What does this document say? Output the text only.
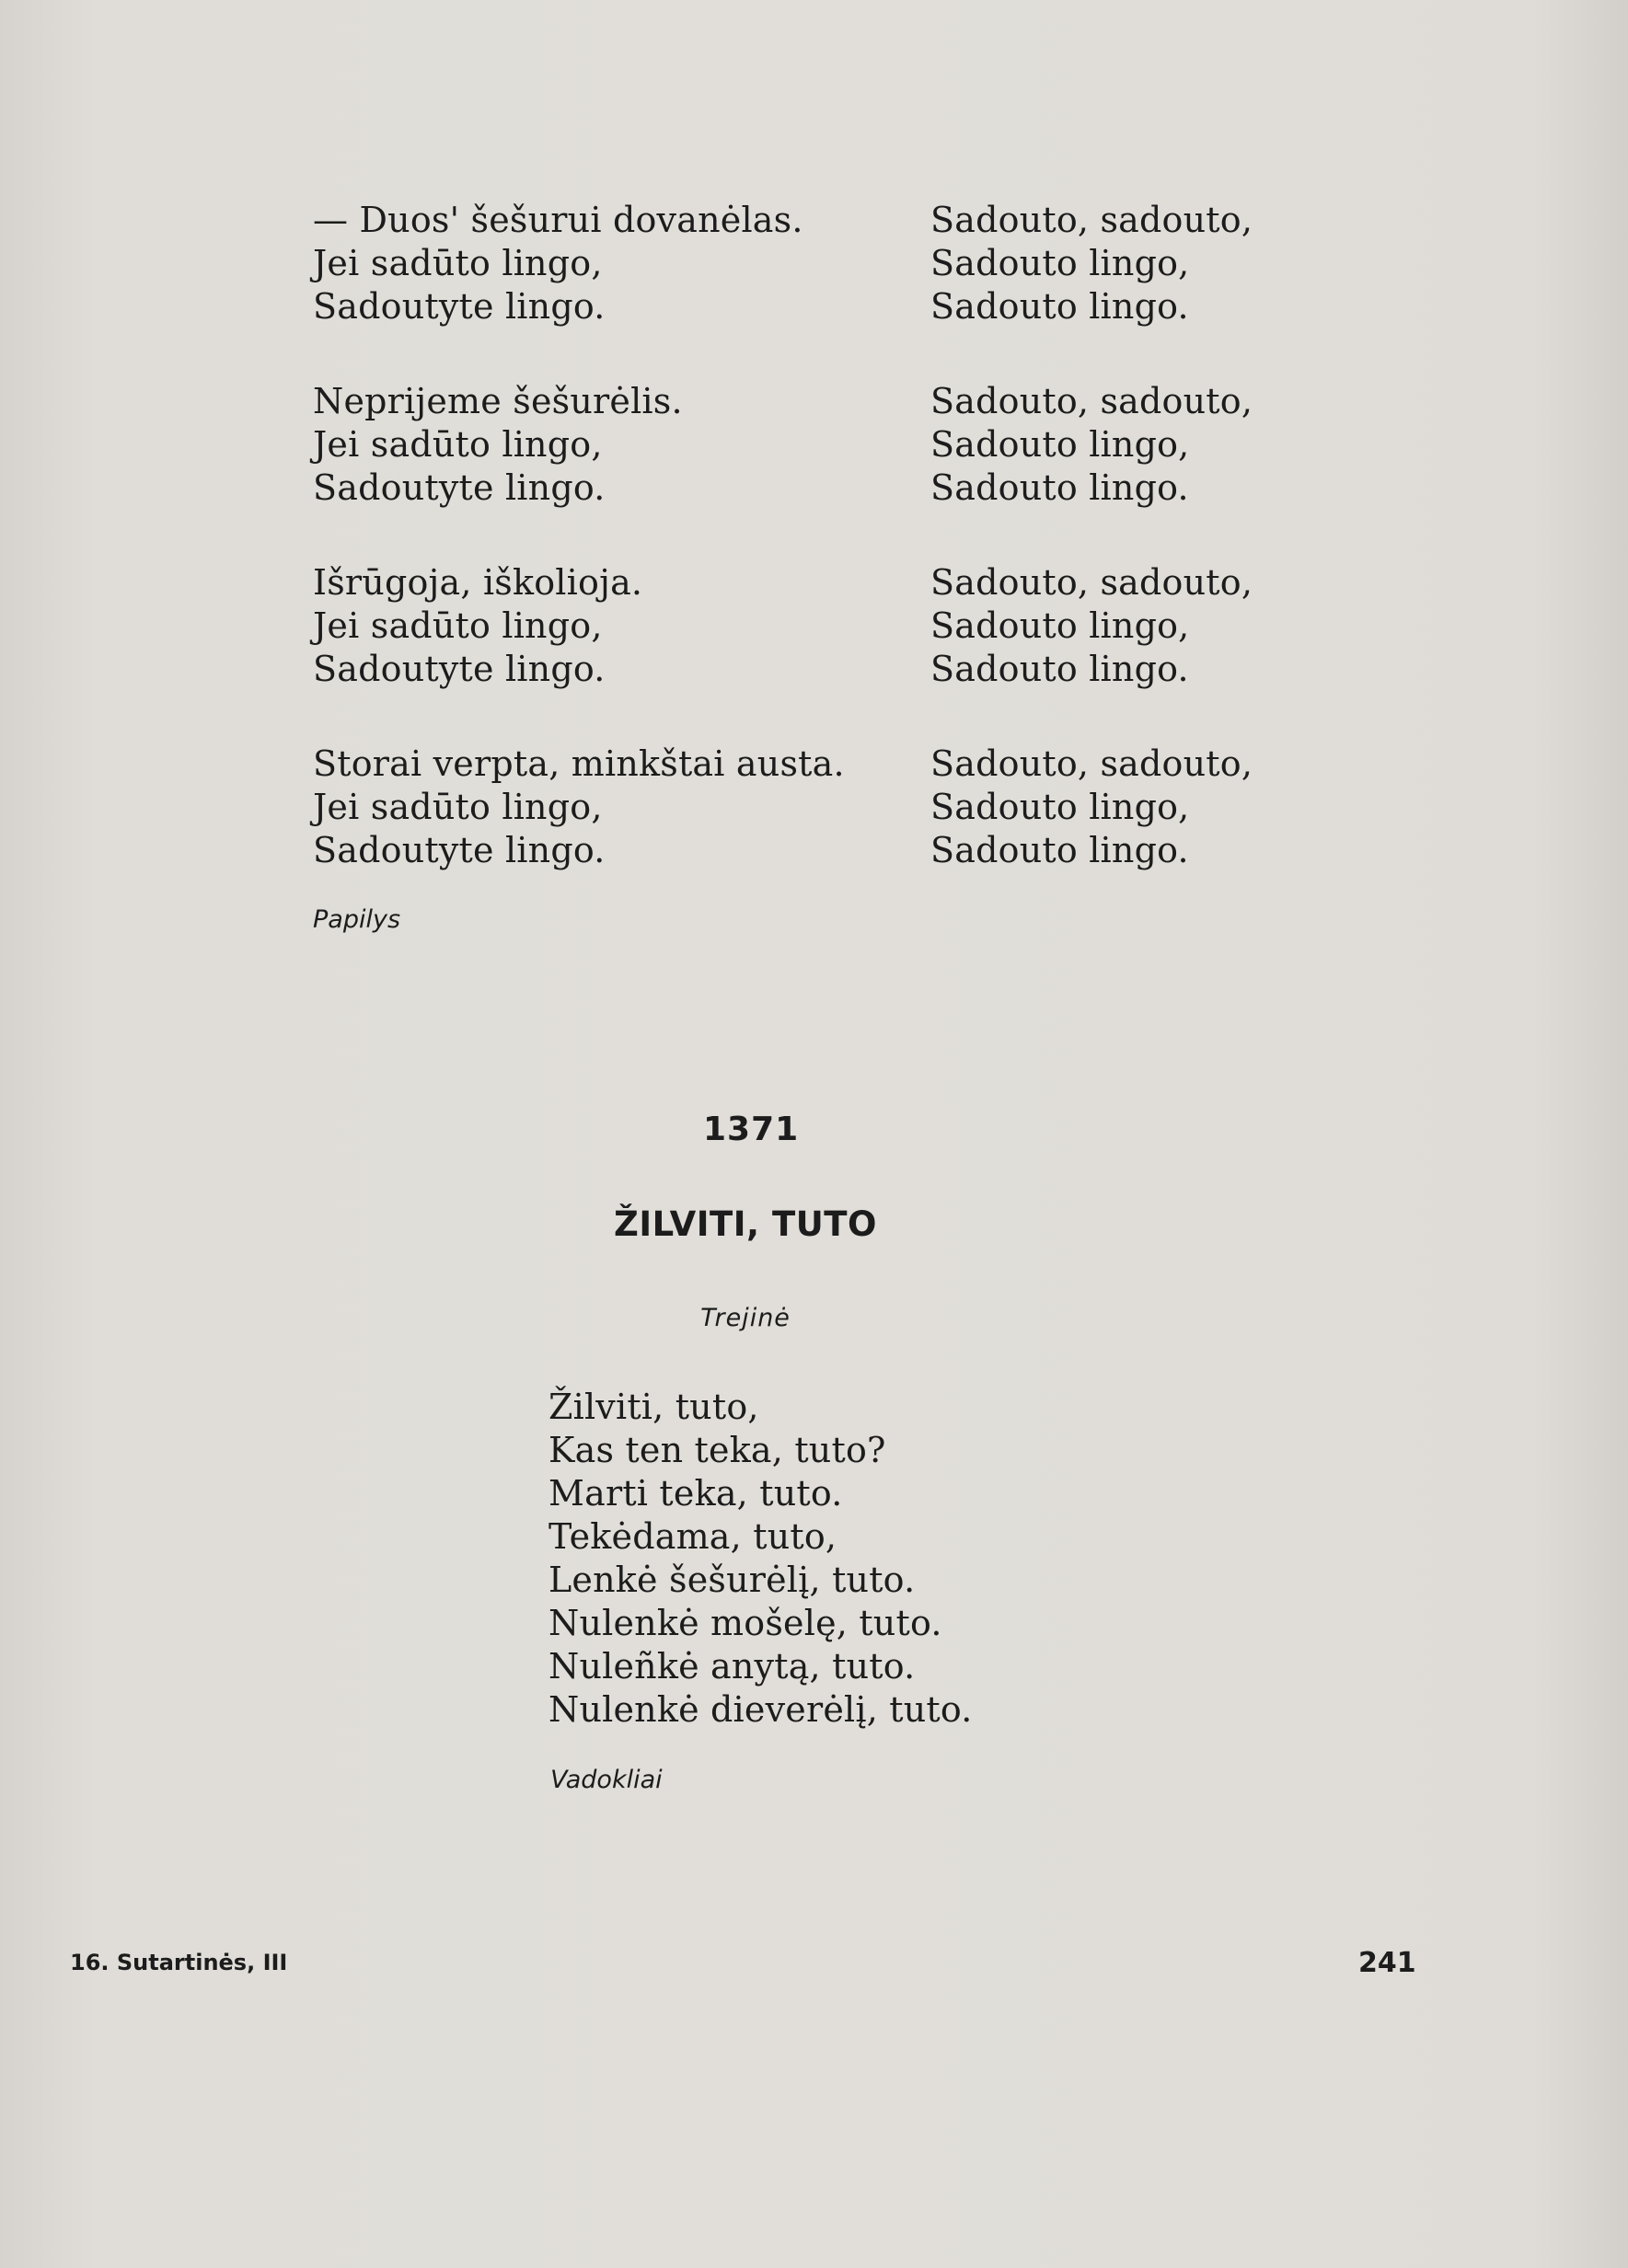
— Duos' šešurui dovanėlas.
Jei sadūto lingo,
Sadoutyte lingo.
Neprijeme šešurėlis.
Jei sadūto lingo,
Sadoutyte lingo.
Išrūgoja, iškolioja.
Jei sadūto lingo,
Sadoutyte lingo.
Storai verpta, minkštai austa.
Jei sadūto lingo,
Sadoutyte lingo.
Sadouto, sadouto,
Sadouto lingo,
Sadouto lingo.
Sadouto, sadouto,
Sadouto lingo,
Sadouto lingo.
Sadouto, sadouto,
Sadouto lingo,
Sadouto lingo.
Sadouto, sadouto,
Sadouto lingo,
Sadouto lingo.
Papilys
1371
ŽILVITI, TUTO
Trejinė
Žilviti, tuto,
Kas ten teka, tuto?
Marti teka, tuto.
Tekėdama, tuto,
Lenkė šešurėlį, tuto.
Nulenkė mošelę, tuto.
Nuleñkė anytą, tuto.
Nulenkė dieverėlį, tuto.
Vadokliai
16. Sutartinės, III	241
